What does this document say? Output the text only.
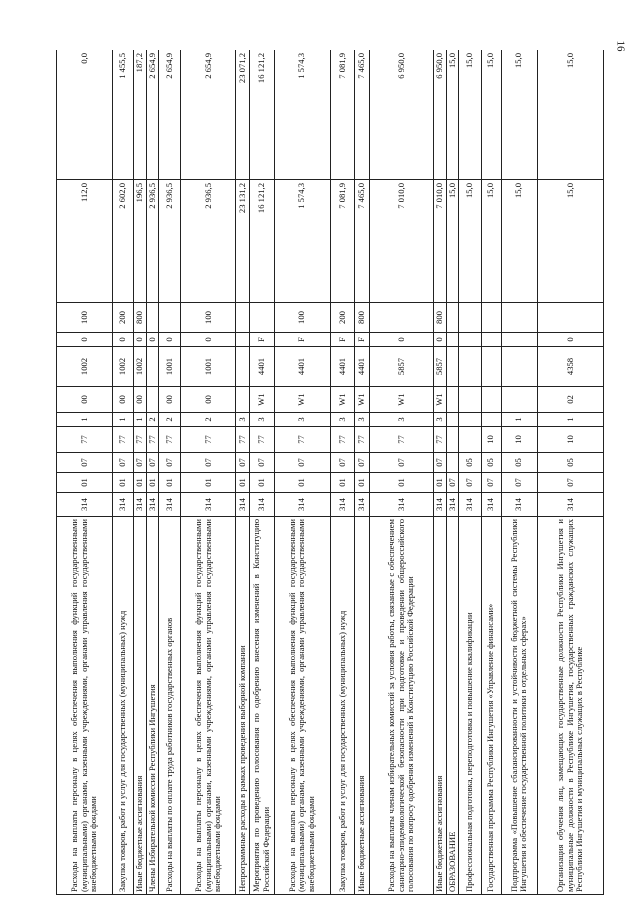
16
Расходы на выплаты персоналу в целях обеспечения выполнения функций государственными (муниципальными) органами, казенными учреждениями, органами управления государственными внебюджетными фондами	314	01	07	77	1	00	1002	0	100	112,0	0,0
Закупка товаров, работ и услуг для государственных (муниципальных) нужд	314	01	07	77	1	00	1002	0	200	2 602,0	1 455,5
Иные бюджетные ассигнования	314	01	07	77	1	00	1002	0	800	196,5	187,2
Члены Избирательной комиссии Республики Ингушетия	314	01	07	77	2			0		2 936,5	2 654,9
Расходы на выплаты по оплате труда работников государственных органов	314	01	07	77	2	00	1001	0		2 936,5	2 654,9
Расходы на выплаты персоналу в целях обеспечения выполнения функций государственными (муниципальными) органами, казенными учреждениями, органами управления государственными внебюджетными фондами	314	01	07	77	2	00	1001	0	100	2 936,5	2 654,9
Непрограммные расходы в рамках проведения выборной компании	314	01	07	77	3					23 131,2	23 071,2
Мероприятия по проведению голосования по одобрению внесения изменений в Конституцию Российской Федерации	314	01	07	77	3	W1	4401	F		16 121,2	16 121,2
Расходы на выплаты персоналу в целях обеспечения выполнения функций государственными (муниципальными) органами, казенными учреждениями, органами управления государственными внебюджетными фондами	314	01	07	77	3	W1	4401	F	100	1 574,3	1 574,3
Закупка товаров, работ и услуг для государственных (муниципальных) нужд	314	01	07	77	3	W1	4401	F	200	7 081,9	7 081,9
Иные бюджетные ассигнования	314	01	07	77	3	W1	4401	F	800	7 465,0	7 465,0
Расходы на выплаты членам избирательных комиссий за условия работы, связанные с обеспечением санитарно-эпидемиологической безопасности при подготовке и проведении общероссийского голосования по вопросу одобрения изменений в Конституцию Российской Федерации	314	01	07	77	3	W1	5857	0		7 010,0	6 950,0
Иные бюджетные ассигнования	314	01	07	77	3	W1	5857	0	800	7 010,0	6 950,0
ОБРАЗОВАНИЕ	314	07								15,0	15,0
Профессиональная подготовка, переподготовка и повышение квалификации	314	07	05							15,0	15,0
Государственная программа Республики Ингушетия «Управление финансами»	314	07	05	10						15,0	15,0
Подпрограмма «Повышение сбалансированности и устойчивости бюджетной системы Республики Ингушетия и обеспечение государственной политики в отдельных сферах»	314	07	05	10	1					15,0	15,0
Организация обучения лиц, замещающих государственные должности Республики Ингушетия и муниципальные должности в Республике Ингушетия, государственных гражданских служащих Республики Ингушетия и муниципальных служащих в Республике	314	07	05	10	1	02	4358	0		15,0	15,0
